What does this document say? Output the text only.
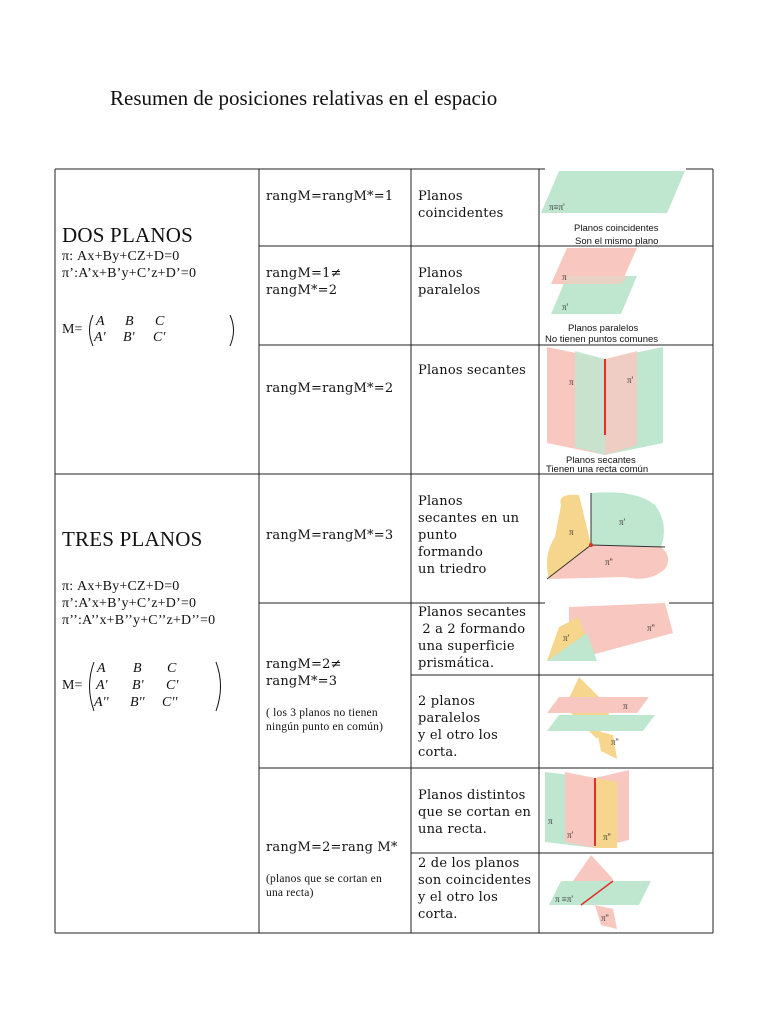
Resumen de posiciones relativas en el espacio
DOS PLANOS
π: Ax+By+CZ+D=0
π’:A’x+B’y+C’z+D’=0
M=
A B C
A' B' C'
TRES PLANOS
π: Ax+By+CZ+D=0
π’:A’x+B’y+C’z+D’=0
π’’:A’’x+B’’y+C’’z+D’’=0
M=
A B C
A' B' C'
A'' B'' C''
rangM=rangM*=1 Planos
coincidentes
rangM=1≠
rangM*=2
Planos
paralelos
rangM=rangM*=2
Planos secantes
rangM=rangM*=3
Planos
secantes en un
punto
formando
un triedro
rangM=2≠
rangM*=3
( los 3 planos no tienen
ningún punto en común)
Planos secantes
2 a 2 formando
una superficie
prismática.
2 planos
paralelos
y el otro los
corta.
rangM=2=rang M*
(planos que se cortan en
una recta)
Planos distintos
que se cortan en
una recta.
2 de los planos
son coincidentes
y el otro los
corta.
π≡π'
Planos coincidentes
Son el mismo plano
π
π'
Planos paralelos
No tienen puntos comunes
π	π'
Planos secantes
Tienen una recta común
π
π'
π''
π'
π''
π
π''
π
π'	π''
π ≡π'
π''
